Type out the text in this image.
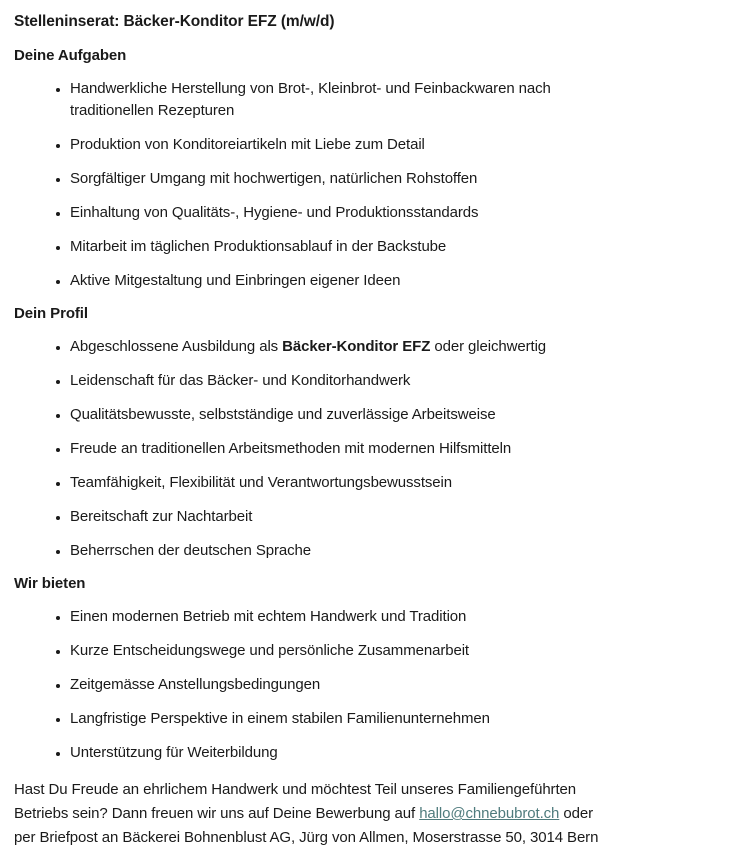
Stelleninserat: Bäcker-Konditor EFZ (m/w/d)
Deine Aufgaben
• Handwerkliche Herstellung von Brot-, Kleinbrot- und Feinbackwaren nach traditionellen Rezepturen
• Produktion von Konditoreiartikeln mit Liebe zum Detail
• Sorgfältiger Umgang mit hochwertigen, natürlichen Rohstoffen
• Einhaltung von Qualitäts-, Hygiene- und Produktionsstandards
• Mitarbeit im täglichen Produktionsablauf in der Backstube
• Aktive Mitgestaltung und Einbringen eigener Ideen
Dein Profil
• Abgeschlossene Ausbildung als Bäcker-Konditor EFZ oder gleichwertig
• Leidenschaft für das Bäcker- und Konditorhandwerk
• Qualitätsbewusste, selbstständige und zuverlässige Arbeitsweise
• Freude an traditionellen Arbeitsmethoden mit modernen Hilfsmitteln
• Teamfähigkeit, Flexibilität und Verantwortungsbewusstsein
• Bereitschaft zur Nachtarbeit
• Beherrschen der deutschen Sprache
Wir bieten
• Einen modernen Betrieb mit echtem Handwerk und Tradition
• Kurze Entscheidungswege und persönliche Zusammenarbeit
• Zeitgemässe Anstellungsbedingungen
• Langfristige Perspektive in einem stabilen Familienunternehmen
• Unterstützung für Weiterbildung
Hast Du Freude an ehrlichem Handwerk und möchtest Teil unseres Familiengeführten
Betriebs sein? Dann freuen wir uns auf Deine Bewerbung auf hallo@chnebubrot.ch oder
per Briefpost an Bäckerei Bohnenblust AG, Jürg von Allmen, Moserstrasse 50, 3014 Bern
